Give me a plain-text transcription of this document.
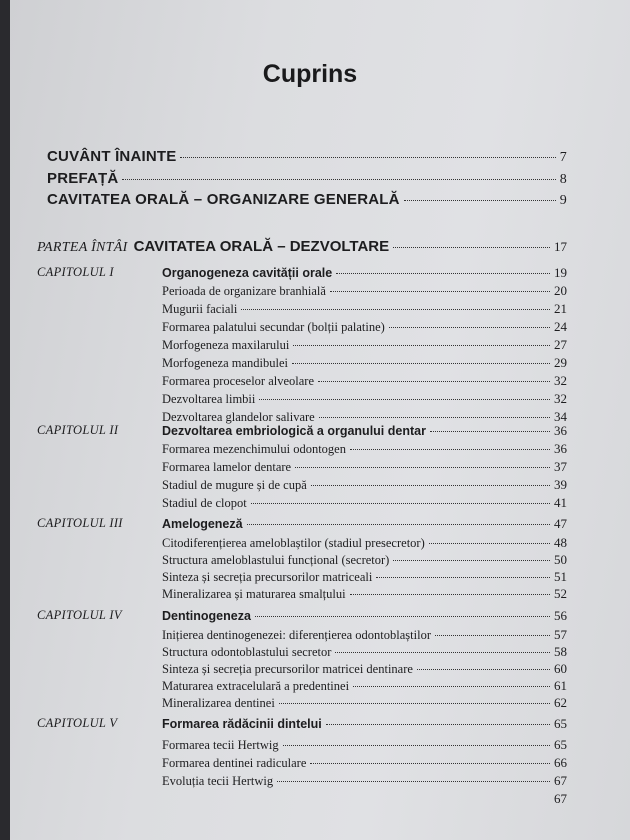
Cuprins
CUVÂNT ÎNAINTE	7
PREFAȚĂ	8
CAVITATEA ORALĂ – ORGANIZARE GENERALĂ	9
PARTEA ÎNTÂI CAVITATEA ORALĂ – DEZVOLTARE	17
CAPITOLUL I	Organogeneza cavității orale	19
Perioada de organizare branhială	20
Mugurii faciali	21
Formarea palatului secundar (bolții palatine)	24
Morfogeneza maxilarului	27
Morfogeneza mandibulei	29
Formarea proceselor alveolare	32
Dezvoltarea limbii	32
Dezvoltarea glandelor salivare	34
CAPITOLUL II	Dezvoltarea embriologică a organului dentar	36
Formarea mezenchimului odontogen	36
Formarea lamelor dentare	37
Stadiul de mugure și de cupă	39
Stadiul de clopot	41
CAPITOLUL III	Amelogeneză	47
Citodiferențierea ameloblaștilor (stadiul presecretor)	48
Structura ameloblastului funcțional (secretor)	50
Sinteza și secreția precursorilor matriceali	51
Mineralizarea și maturarea smalțului	52
CAPITOLUL IV	Dentinogeneza	56
Inițierea dentinogenezei: diferențierea odontoblaștilor	57
Structura odontoblastului secretor	58
Sinteza și secreția precursorilor matricei dentinare	60
Maturarea extracelulară a predentinei	61
Mineralizarea dentinei	62
CAPITOLUL V	Formarea rădăcinii dintelui	65
Formarea tecii Hertwig	65
Formarea dentinei radiculare	66
Evoluția tecii Hertwig	67
67
